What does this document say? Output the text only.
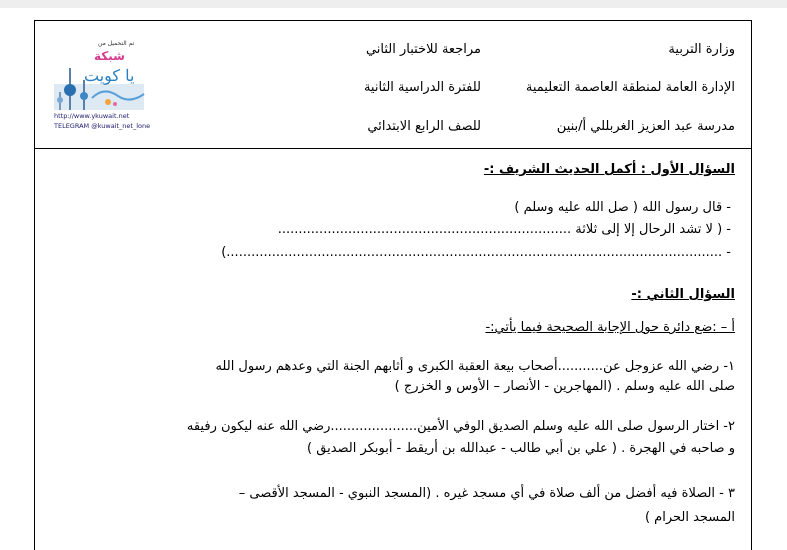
وزارة التربية
الإدارة العامة لمنطقة العاصمة التعليمية
مدرسة عبد العزيز الغربللي أ/بنين
مراجعة للاختبار الثاني
للفترة الدراسية الثانية
للصف الرابع الابتدائي
تم التحميل من
شبكة
يا كويت
http://www.ykuwait.net
TELEGRAM @kuwait_net_lone
السؤال الأول : أكمل الحديث الشريف :-
- قال رسول الله ( صل الله عليه وسلم )
- ( لا تشد الرحال إلا إلى ثلاثة .......................................................................
- ........................................................................................................................)
السؤال الثاني :-
أ – :ضع دائرة حول الإجابة الصحيحة فيما يأتي:-
١- رضي الله عزوجل عن...........أصحاب بيعة العقبة الكبرى و أثابهم الجنة التي وعدهم رسول الله
صلى الله عليه وسلم . (المهاجرين - الأنصار – الأوس و الخزرج )
٢- اختار الرسول صلى الله عليه وسلم الصديق الوفي الأمين.....................رضي الله عنه ليكون رفيقه
و صاحبه في الهجرة . ( علي بن أبي طالب - عبدالله بن أريقط - أبوبكر الصديق )
٣ - الصلاة فيه أفضل من ألف صلاة في أي مسجد غيره . (المسجد النبوي - المسجد الأقصى –
المسجد الحرام )
